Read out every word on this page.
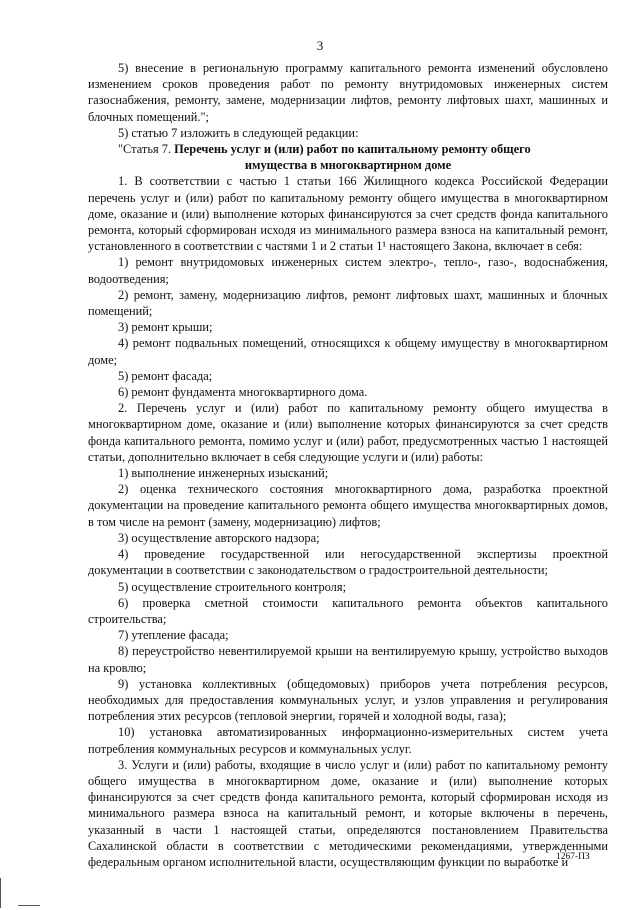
3

5) внесение в региональную программу капитального ремонта изменений обусловлено изменением сроков проведения работ по ремонту внутридомовых инженерных систем газоснабжения, ремонту, замене, модернизации лифтов, ремонту лифтовых шахт, машинных и блочных помещений.";

5) статью 7 изложить в следующей редакции:

"Статья 7. Перечень услуг и (или) работ по капитальному ремонту общего

имущества в многоквартирном доме

1. В соответствии с частью 1 статьи 166 Жилищного кодекса Российской Федерации перечень услуг и (или) работ по капитальному ремонту общего имущества в многоквартирном доме, оказание и (или) выполнение которых финансируются за счет средств фонда капитального ремонта, который сформирован исходя из минимального размера взноса на капитальный ремонт, установленного в соответствии с частями 1 и 2 статьи 1¹ настоящего Закона, включает в себя:

1) ремонт внутридомовых инженерных систем электро-, тепло-, газо-, водоснабжения, водоотведения;

2) ремонт, замену, модернизацию лифтов, ремонт лифтовых шахт, машинных и блочных помещений;

3) ремонт крыши;

4) ремонт подвальных помещений, относящихся к общему имуществу в многоквартирном доме;

5) ремонт фасада;

6) ремонт фундамента многоквартирного дома.

2. Перечень услуг и (или) работ по капитальному ремонту общего имущества в многоквартирном доме, оказание и (или) выполнение которых финансируются за счет средств фонда капитального ремонта, помимо услуг и (или) работ, предусмотренных частью 1 настоящей статьи, дополнительно включает в себя следующие услуги и (или) работы:

1) выполнение инженерных изысканий;

2) оценка технического состояния многоквартирного дома, разработка проектной документации на проведение капитального ремонта общего имущества многоквартирных домов, в том числе на ремонт (замену, модернизацию) лифтов;

3) осуществление авторского надзора;

4) проведение государственной или негосударственной экспертизы проектной документации в соответствии с законодательством о градостроительной деятельности;

5) осуществление строительного контроля;

6) проверка сметной стоимости капитального ремонта объектов капитального строительства;

7) утепление фасада;

8) переустройство невентилируемой крыши на вентилируемую крышу, устройство выходов на кровлю;

9) установка коллективных (общедомовых) приборов учета потребления ресурсов, необходимых для предоставления коммунальных услуг, и узлов управления и регулирования потребления этих ресурсов (тепловой энергии, горячей и холодной воды, газа);

10) установка автоматизированных информационно-измерительных систем учета потребления коммунальных ресурсов и коммунальных услуг.

3. Услуги и (или) работы, входящие в число услуг и (или) работ по капитальному ремонту общего имущества в многоквартирном доме, оказание и (или) выполнение которых финансируются за счет средств фонда капитального ремонта, который сформирован исходя из минимального размера взноса на капитальный ремонт, и которые включены в перечень, указанный в части 1 настоящей статьи, определяются постановлением Правительства Сахалинской области в соответствии с методическими рекомендациями, утвержденными федеральным органом исполнительной власти, осуществляющим функции по выработке и

1267-ПЗ
